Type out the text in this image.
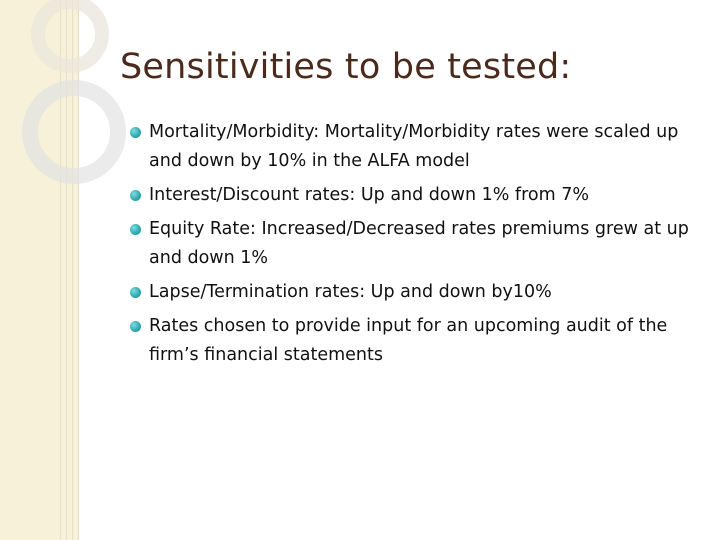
Sensitivities to be tested:
Mortality/Morbidity: Mortality/Morbidity rates were scaled up and down by 10% in the ALFA model
Interest/Discount rates: Up and down 1% from 7%
Equity Rate: Increased/Decreased rates premiums grew at up and down 1%
Lapse/Termination rates: Up and down by10%
Rates chosen to provide input for an upcoming audit of the firm’s financial statements
